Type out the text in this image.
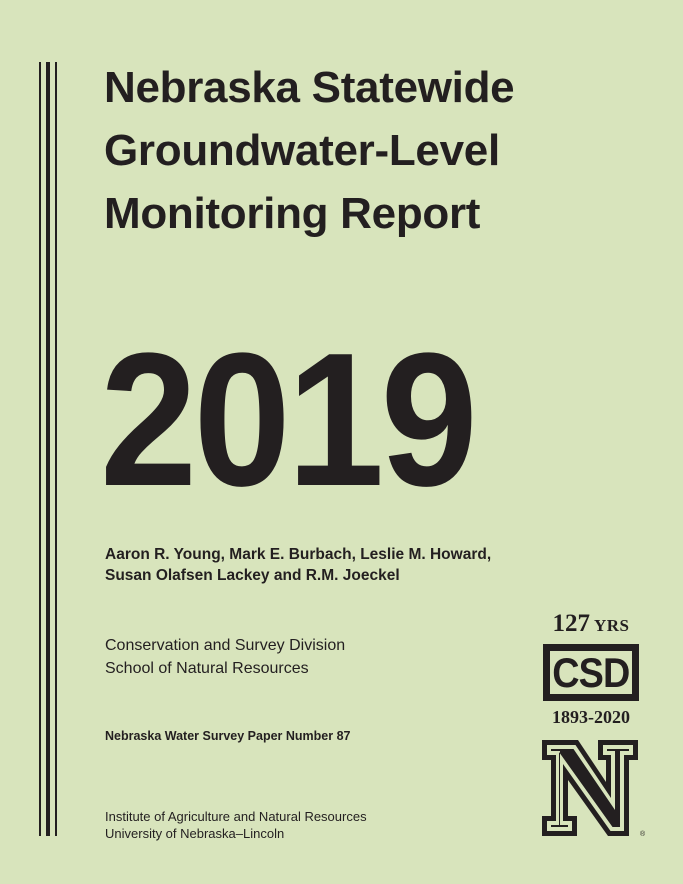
Nebraska Statewide
Groundwater-Level
Monitoring Report
2019
Aaron R. Young, Mark E. Burbach, Leslie M. Howard,
Susan Olafsen Lackey and R.M. Joeckel
Conservation and Survey Division
School of Natural Resources
Nebraska Water Survey Paper Number 87
Institute of Agriculture and Natural Resources
University of Nebraska–Lincoln
127 YRS
CSD
1893-2020
®
